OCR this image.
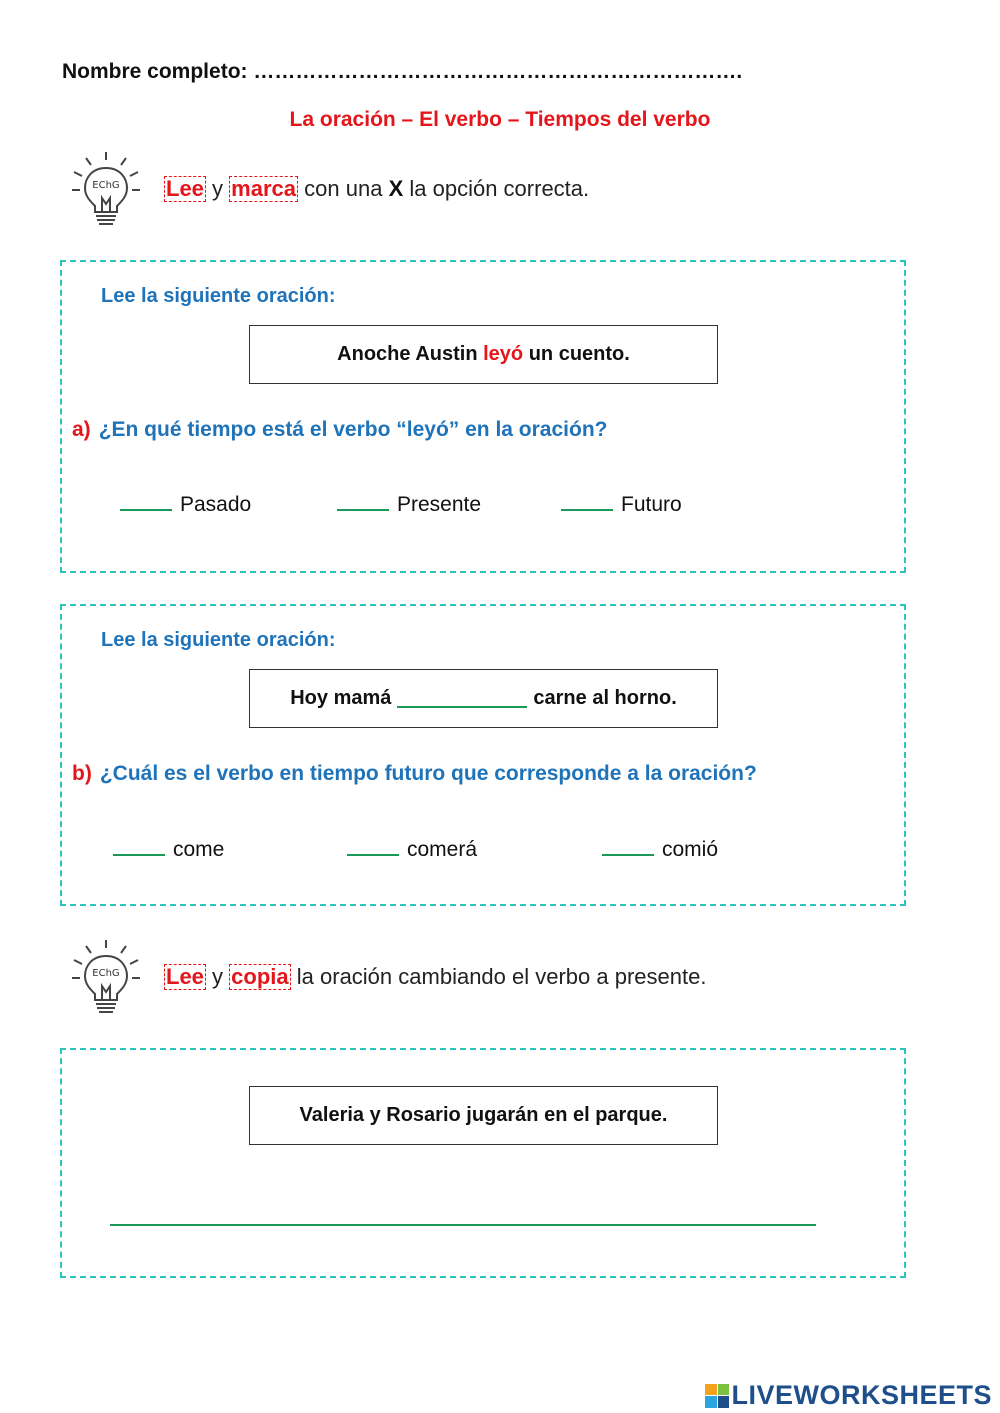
Nombre completo: …………………………………………………………….
La oración – El verbo – Tiempos del verbo
EChG Lee y marca con una X la opción correcta.
Lee la siguiente oración:
Anoche Austin
leyó
un cuento.
a) ¿En qué tiempo está el verbo “leyó” en la oración?
Pasado	Presente	Futuro
Lee la siguiente oración:
Hoy mamá	carne al horno.
b) ¿Cuál es el verbo en tiempo futuro que corresponde a la oración?
come	comerá	comió
EChG Lee y copia la oración cambiando el verbo a presente.
Valeria y Rosario jugarán en el parque.
LIVEWORKSHEETS
